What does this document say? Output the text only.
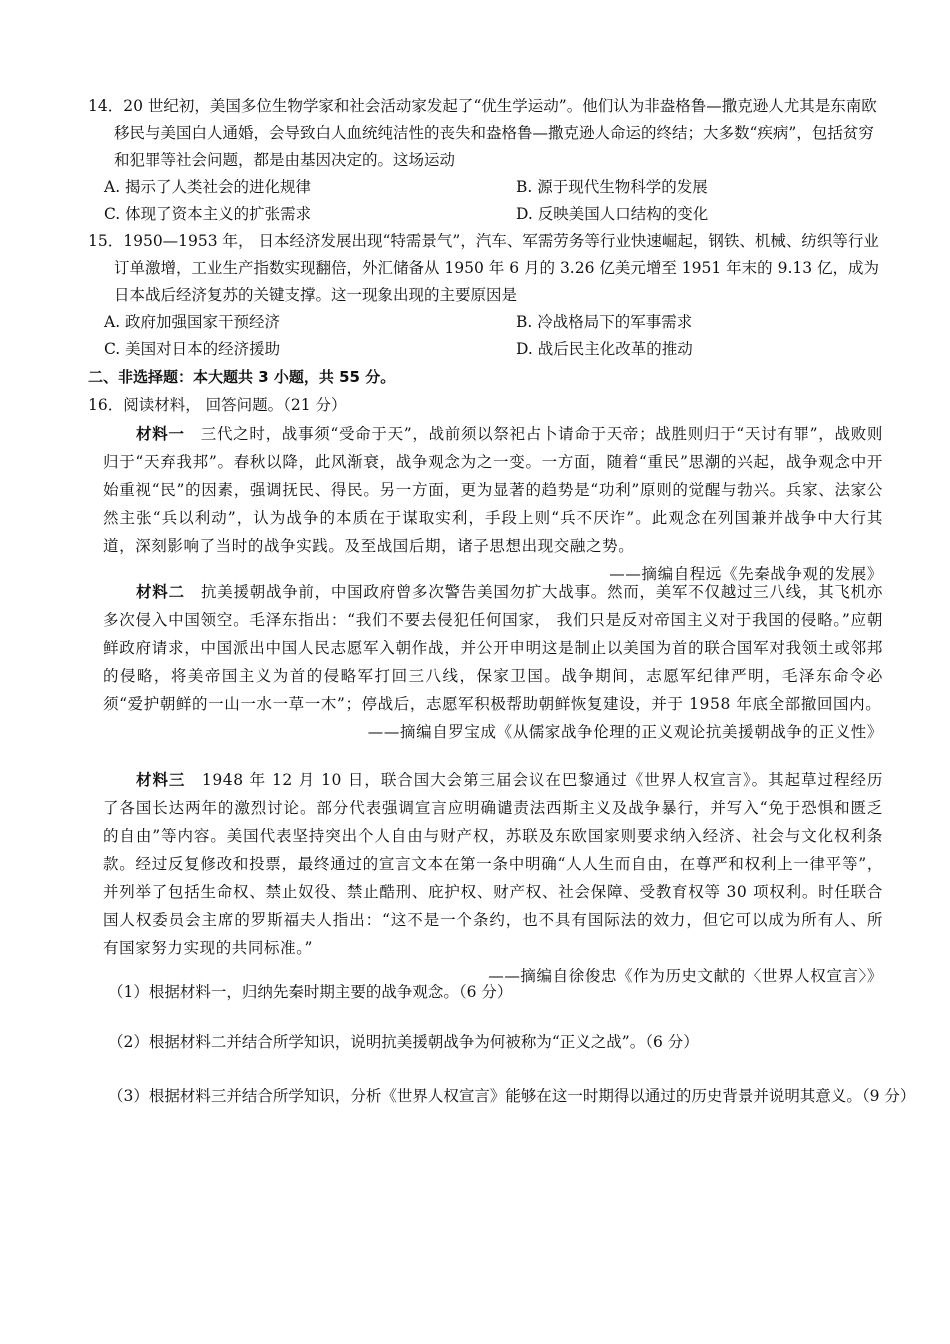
14．20 世纪初，美国多位生物学家和社会活动家发起了“优生学运动”。他们认为非盎格鲁—撒克逊人尤其是东南欧移民与美国白人通婚，会导致白人血统纯洁性的丧失和盎格鲁—撒克逊人命运的终结；大多数“疾病”，包括贫穷和犯罪等社会问题，都是由基因决定的。这场运动

A. 揭示了人类社会的进化规律	B. 源于现代生物科学的发展
C. 体现了资本主义的扩张需求	D. 反映美国人口结构的变化

15．1950—1953 年， 日本经济发展出现“特需景气”，汽车、军需劳务等行业快速崛起，钢铁、机械、纺织等行业订单激增，工业生产指数实现翻倍，外汇储备从 1950 年 6 月的 3.26 亿美元增至 1951 年末的 9.13 亿，成为日本战后经济复苏的关键支撑。这一现象出现的主要原因是

A. 政府加强国家干预经济	B. 冷战格局下的军事需求
C. 美国对日本的经济援助	D. 战后民主化改革的推动
二、非选择题：本大题共 3 小题，共 55 分。
16．阅读材料， 回答问题。（21 分）

材料一　 三代之时，战事须“受命于天”，战前须以祭祀占卜请命于天帝；战胜则归于“天讨有罪”，战败则归于“天弃我邦”。春秋以降，此风渐衰，战争观念为之一变。一方面，随着“重民”思潮的兴起，战争观念中开始重视“民”的因素，强调抚民、得民。另一方面，更为显著的趋势是“功利”原则的觉醒与勃兴。兵家、法家公然主张“兵以利动”，认为战争的本质在于谋取实利，手段上则“兵不厌诈”。此观念在列国兼并战争中大行其道，深刻影响了当时的战争实践。及至战国后期，诸子思想出现交融之势。

——摘编自程远《先秦战争观的发展》

材料二　 抗美援朝战争前，中国政府曾多次警告美国勿扩大战事。然而，美军不仅越过三八线，其飞机亦多次侵入中国领空。毛泽东指出：“我们不要去侵犯任何国家， 我们只是反对帝国主义对于我国的侵略。”应朝鲜政府请求，中国派出中国人民志愿军入朝作战，并公开申明这是制止以美国为首的联合国军对我领土或邻邦的侵略，将美帝国主义为首的侵略军打回三八线，保家卫国。战争期间，志愿军纪律严明，毛泽东命令必须“爱护朝鲜的一山一水一草一木”；停战后，志愿军积极帮助朝鲜恢复建设，并于 1958 年底全部撤回国内。

——摘编自罗宝成《从儒家战争伦理的正义观论抗美援朝战争的正义性》

材料三　 1948 年 12 月 10 日，联合国大会第三届会议在巴黎通过《世界人权宣言》。其起草过程经历了各国长达两年的激烈讨论。部分代表强调宣言应明确谴责法西斯主义及战争暴行，并写入“免于恐惧和匮乏的自由”等内容。美国代表坚持突出个人自由与财产权，苏联及东欧国家则要求纳入经济、社会与文化权利条款。经过反复修改和投票，最终通过的宣言文本在第一条中明确“人人生而自由，在尊严和权利上一律平等”，并列举了包括生命权、禁止奴役、禁止酷刑、庇护权、财产权、社会保障、受教育权等 30 项权利。时任联合国人权委员会主席的罗斯福夫人指出：“这不是一个条约，也不具有国际法的效力，但它可以成为所有人、所有国家努力实现的共同标准。”

——摘编自徐俊忠《作为历史文献的〈世界人权宣言〉》
（1）根据材料一，归纳先秦时期主要的战争观念。（6 分）
（2）根据材料二并结合所学知识，说明抗美援朝战争为何被称为“正义之战”。（6 分）
（3）根据材料三并结合所学知识，分析《世界人权宣言》能够在这一时期得以通过的历史背景并说明其意义。（9 分）
